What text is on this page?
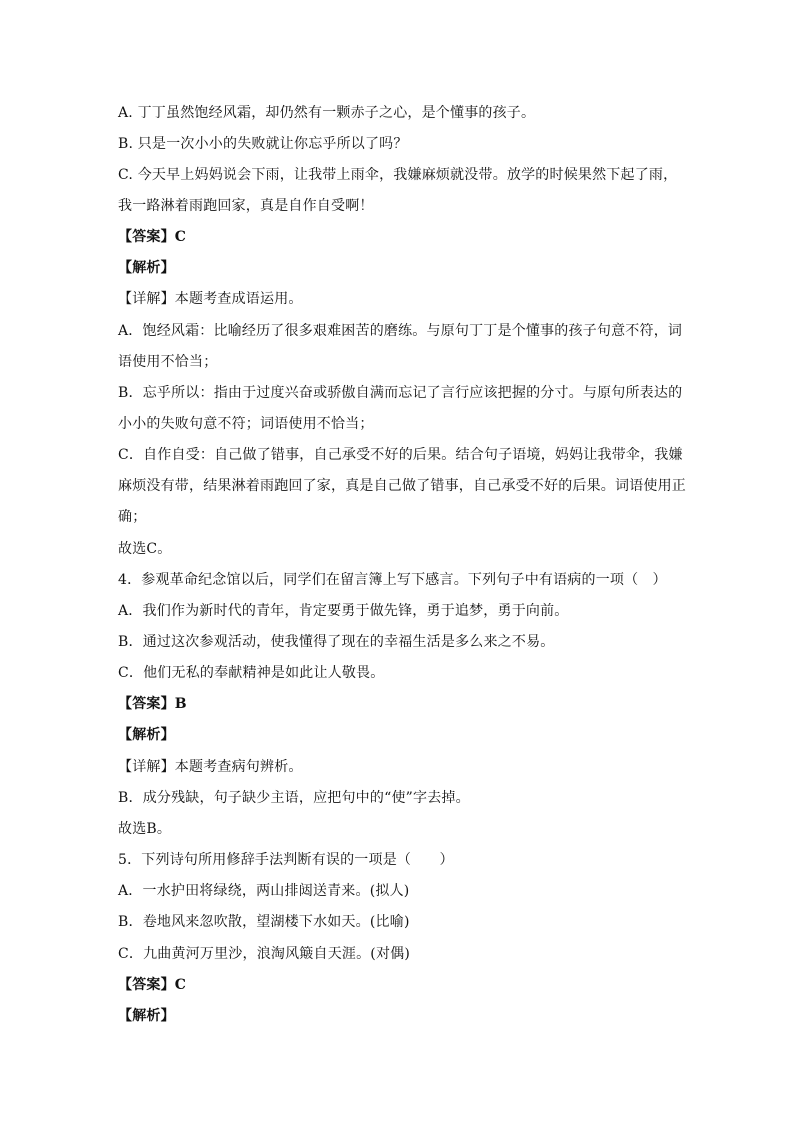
A. 丁丁虽然饱经风霜，却仍然有一颗赤子之心，是个懂事的孩子。
B. 只是一次小小的失败就让你忘乎所以了吗？
C. 今天早上妈妈说会下雨，让我带上雨伞，我嫌麻烦就没带。放学的时候果然下起了雨，
我一路淋着雨跑回家，真是自作自受啊！
【答案】C
【解析】
【详解】本题考查成语运用。
A．饱经风霜：比喻经历了很多艰难困苦的磨练。与原句丁丁是个懂事的孩子句意不符，词
语使用不恰当；
B．忘乎所以：指由于过度兴奋或骄傲自满而忘记了言行应该把握的分寸。与原句所表达的
小小的失败句意不符；词语使用不恰当；
C．自作自受：自己做了错事，自己承受不好的后果。结合句子语境，妈妈让我带伞，我嫌
麻烦没有带，结果淋着雨跑回了家，真是自己做了错事，自己承受不好的后果。词语使用正
确；
故选C。
4．参观革命纪念馆以后，同学们在留言簿上写下感言。下列句子中有语病的一项（　）
A．我们作为新时代的青年，肯定要勇于做先锋，勇于追梦，勇于向前。
B．通过这次参观活动，使我懂得了现在的幸福生活是多么来之不易。
C．他们无私的奉献精神是如此让人敬畏。
【答案】B
【解析】
【详解】本题考查病句辨析。
B．成分残缺，句子缺少主语，应把句中的“使”字去掉。
故选B。
5．下列诗句所用修辞手法判断有误的一项是（　　）
A．一水护田将绿绕，两山排闼送青来。(拟人)
B．卷地风来忽吹散，望湖楼下水如天。(比喻)
C．九曲黄河万里沙，浪淘风簸自天涯。(对偶)
【答案】C
【解析】
